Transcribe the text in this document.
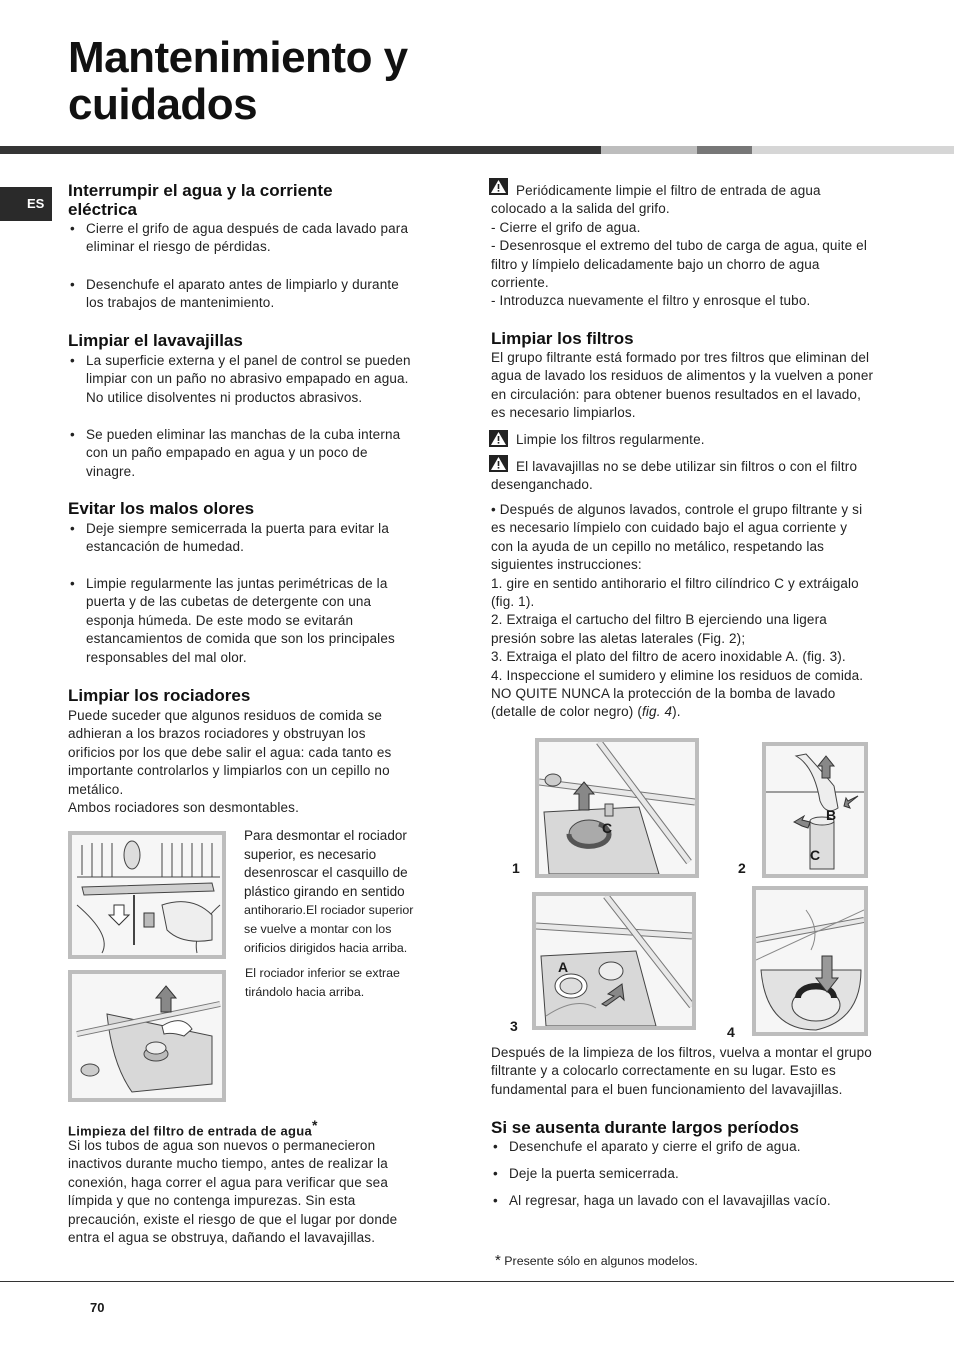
Mantenimiento y
cuidados
ES
Interrumpir el agua y la corriente
eléctrica
• Cierre el grifo de agua después de cada lavado para
eliminar el riesgo de pérdidas.
• Desenchufe el aparato antes de limpiarlo y durante
los trabajos de mantenimiento.
Limpiar el lavavajillas
• La superficie externa y el panel de control se pueden
limpiar con un paño no abrasivo empapado en agua.
No utilice disolventes ni productos abrasivos.
• Se pueden eliminar las manchas de la cuba interna
con un paño empapado en agua y un poco de
vinagre.
Evitar los malos olores
• Deje siempre semicerrada la puerta para evitar la
estancación de humedad.
• Limpie regularmente las juntas perimétricas de la
puerta y de las cubetas de detergente con una
esponja húmeda. De este modo se evitarán
estancamientos de comida que son los principales
responsables del mal olor.
Limpiar los rociadores

Puede suceder que algunos residuos de comida se
adhieran a los brazos rociadores y obstruyan los
orificios por los que debe salir el agua: cada tanto es
importante controlarlos y limpiarlos con un cepillo no
metálico.
Ambos rociadores son desmontables.

Para desmontar el rociador
superior, es necesario
desenroscar el casquillo de
plástico girando en sentido
antihorario.El rociador superior
se vuelve a montar con los
orificios dirigidos hacia arriba.
El rociador inferior se extrae
tirándolo hacia arriba.
Limpieza del filtro de entrada de agua*

Si los tubos de agua son nuevos o permanecieron
inactivos durante mucho tiempo, antes de realizar la
conexión, haga correr el agua para verificar que sea
límpida y que no contenga impurezas. Sin esta
precaución, existe el riesgo de que el lugar por donde
entra el agua se obstruya, dañando el lavavajillas.

Periódicamente limpie el filtro de entrada de agua
colocado a la salida del grifo.
- Cierre el grifo de agua.
- Desenrosque el extremo del tubo de carga de agua, quite el
filtro y límpielo delicadamente bajo un chorro de agua
corriente.
- Introduzca nuevamente el filtro y enrosque el tubo.

Limpiar los filtros

El grupo filtrante está formado por tres filtros que eliminan del
agua de lavado los residuos de alimentos y la vuelven a poner
en circulación: para obtener buenos resultados en el lavado,
es necesario limpiarlos.

Limpie los filtros regularmente.

El lavavajillas no se debe utilizar sin filtros o con el filtro
desenganchado.

• Después de algunos lavados, controle el grupo filtrante y si
es necesario límpielo con cuidado bajo el agua corriente y
con la ayuda de un cepillo no metálico, respetando las
siguientes instrucciones:
1. gire en sentido antihorario el filtro cilíndrico C y extráigalo
(fig. 1).
2. Extraiga el cartucho del filtro B ejerciendo una ligera
presión sobre las aletas laterales (Fig. 2);
3. Extraiga el plato del filtro de acero inoxidable A. (fig. 3).
4. Inspeccione el sumidero y elimine los residuos de comida.
NO QUITE NUNCA la protección de la bomba de lavado
(detalle de color negro) (fig. 4).

1
C
2
B
C
3
A
4

Después de la limpieza de los filtros, vuelva a montar el grupo
filtrante y a colocarlo correctamente en su lugar. Esto es
fundamental para el buen funcionamiento del lavavajillas.

Si se ausenta durante largos períodos
• Desenchufe el aparato y cierre el grifo de agua.
• Deje la puerta semicerrada.
• Al regresar, haga un lavado con el lavavajillas vacío.
* Presente sólo en algunos modelos.
70
